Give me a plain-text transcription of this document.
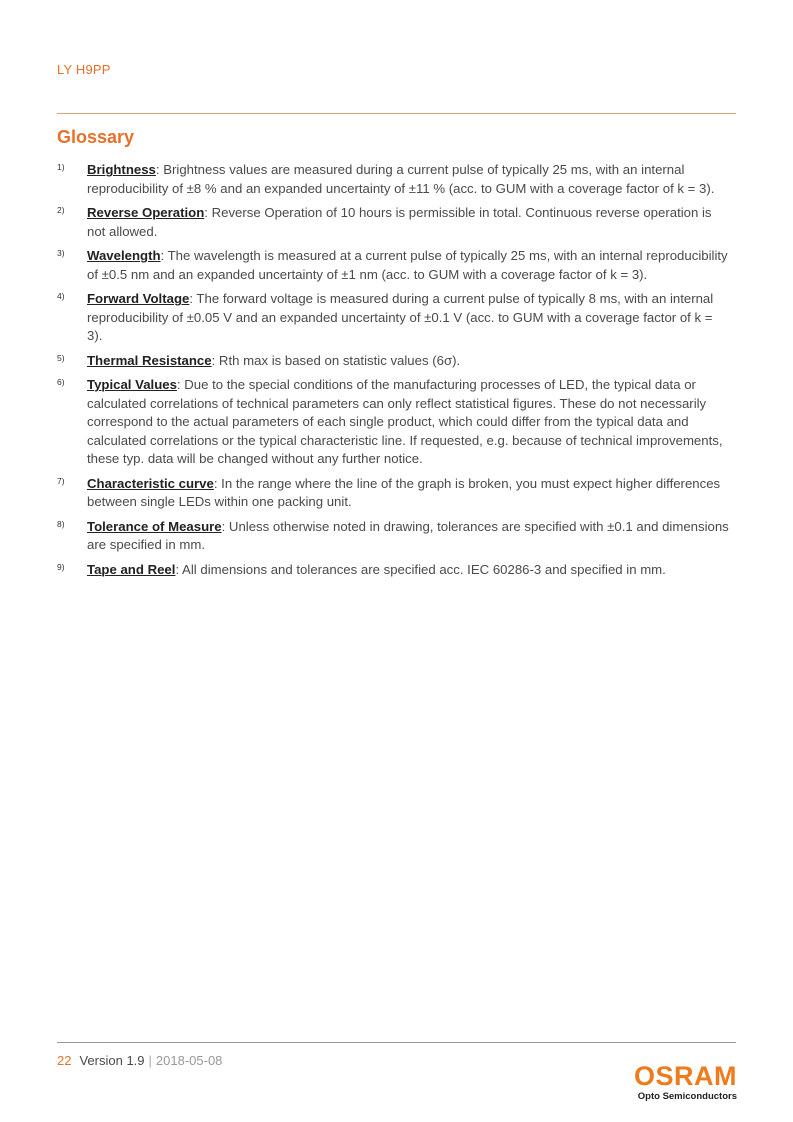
LY H9PP
Glossary
1) Brightness: Brightness values are measured during a current pulse of typically 25 ms, with an internal reproducibility of ±8 % and an expanded uncertainty of ±11 % (acc. to GUM with a coverage factor of k = 3).
2) Reverse Operation: Reverse Operation of 10 hours is permissible in total. Continuous reverse operation is not allowed.
3) Wavelength: The wavelength is measured at a current pulse of typically 25 ms, with an internal reproducibility of ±0.5 nm and an expanded uncertainty of ±1 nm (acc. to GUM with a coverage factor of k = 3).
4) Forward Voltage: The forward voltage is measured during a current pulse of typically 8 ms, with an internal reproducibility of ±0.05 V and an expanded uncertainty of ±0.1 V (acc. to GUM with a coverage factor of k = 3).
5) Thermal Resistance: Rth max is based on statistic values (6σ).
6) Typical Values: Due to the special conditions of the manufacturing processes of LED, the typical data or calculated correlations of technical parameters can only reflect statistical figures. These do not necessarily correspond to the actual parameters of each single product, which could differ from the typical data and calculated correlations or the typical characteristic line. If requested, e.g. because of technical improvements, these typ. data will be changed without any further notice.
7) Characteristic curve: In the range where the line of the graph is broken, you must expect higher differences between single LEDs within one packing unit.
8) Tolerance of Measure: Unless otherwise noted in drawing, tolerances are specified with ±0.1 and dimensions are specified in mm.
9) Tape and Reel: All dimensions and tolerances are specified acc. IEC 60286-3 and specified in mm.
22 Version 1.9 | 2018-05-08
OSRAM
Opto Semiconductors
